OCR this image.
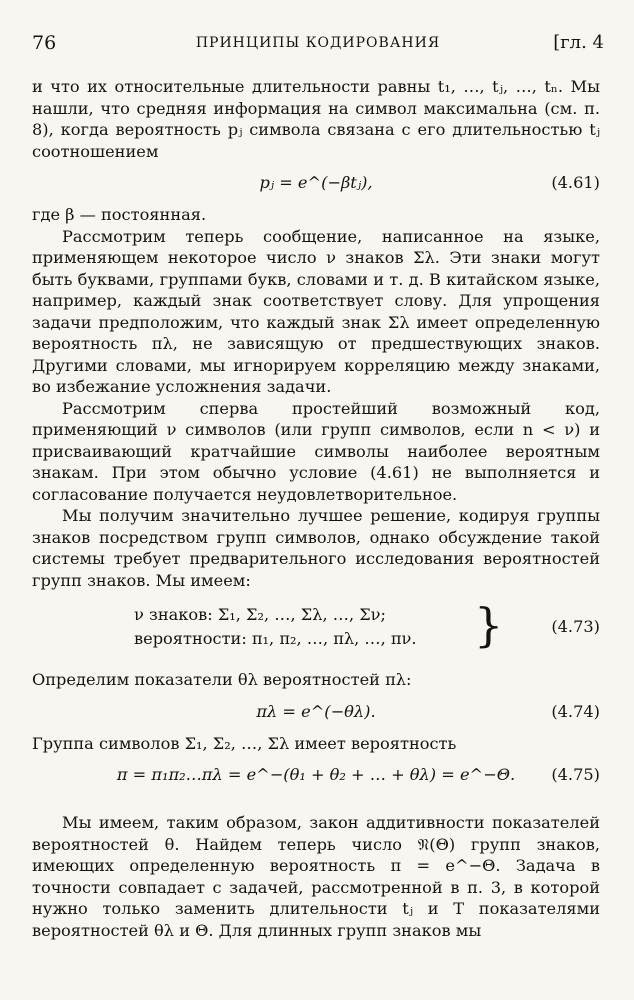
76	ПРИНЦИПЫ КОДИРОВАНИЯ	[гл. 4

и что их относительные длительности равны t₁, …, tⱼ, …, tₙ. Мы нашли, что средняя информация на символ максимальна (см. п. 8), когда вероятность pⱼ символа связана с его длительностью tⱼ соотношением

pⱼ = e^(−βtⱼ),	(4.61)

где β — постоянная.

Рассмотрим теперь сообщение, написанное на языке, применяющем некоторое число ν знаков Σλ. Эти знаки могут быть буквами, группами букв, словами и т. д. В китайском языке, например, каждый знак соответствует слову. Для упрощения задачи предположим, что каждый знак Σλ имеет определенную вероятность πλ, не зависящую от предшествующих знаков. Другими словами, мы игнорируем корреляцию между знаками, во избежание усложнения задачи.

Рассмотрим сперва простейший возможный код, применяющий ν символов (или групп символов, если n < ν) и присваивающий кратчайшие символы наиболее вероятным знакам. При этом обычно условие (4.61) не выполняется и согласование получается неудовлетворительное.

Мы получим значительно лучшее решение, кодируя группы знаков посредством групп символов, однако обсуждение такой системы требует предварительного исследования вероятностей групп знаков. Мы имеем:

ν знаков: Σ₁, Σ₂, …, Σλ, …, Σν;
вероятности: π₁, π₂, …, πλ, …, πν. }	(4.73)

Определим показатели θλ вероятностей πλ:

πλ = e^(−θλ).	(4.74)

Группа символов Σ₁, Σ₂, …, Σλ имеет вероятность

π = π₁π₂…πλ = e^−(θ₁ + θ₂ + … + θλ) = e^−Θ. (4.75)

Мы имеем, таким образом, закон аддитивности показателей вероятностей θ. Найдем теперь число 𝔑(Θ) групп знаков, имеющих определенную вероятность π = e^−Θ. Задача в точности совпадает с задачей, рассмотренной в п. 3, в которой нужно только заменить длительности tⱼ и T показателями вероятностей θλ и Θ. Для длинных групп знаков мы
